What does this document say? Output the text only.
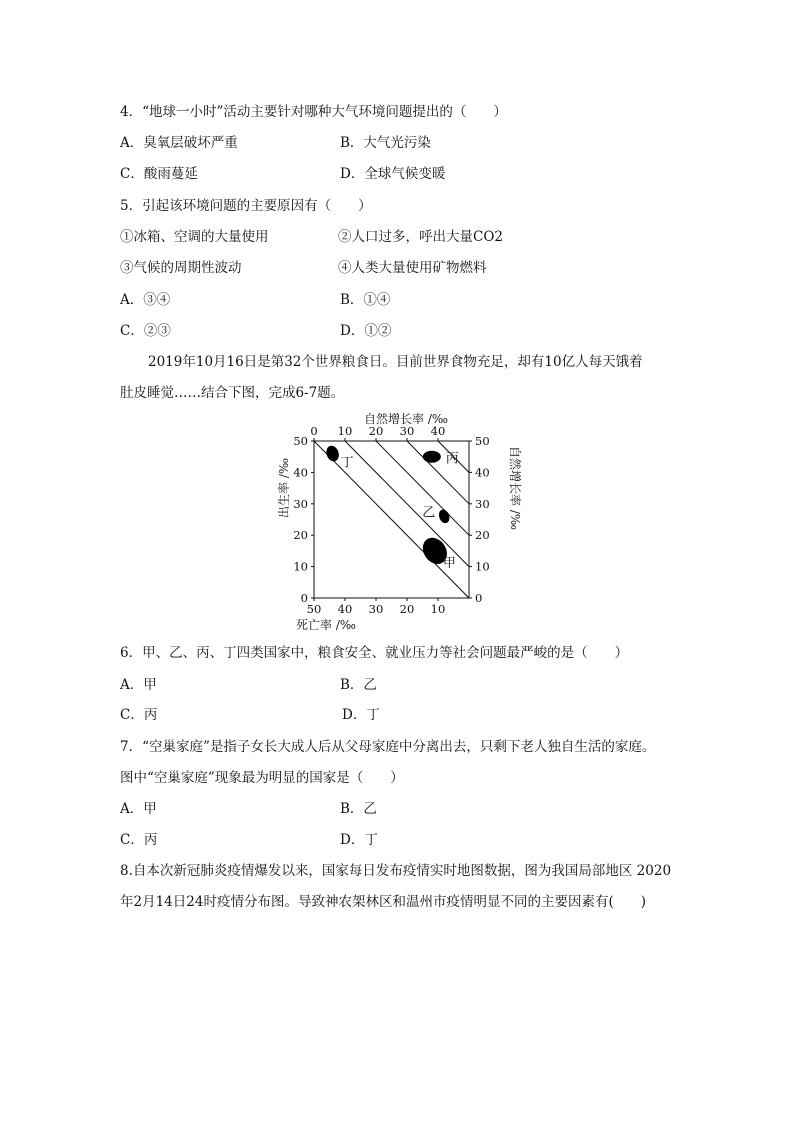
4．“地球一小时”活动主要针对哪种大气环境问题提出的（　　）
A．臭氧层破坏严重	B．大气光污染
C．酸雨蔓延	D．全球气候变暖
5．引起该环境问题的主要原因有（　　）
①冰箱、空调的大量使用	②人口过多，呼出大量CO2
③气候的周期性波动	④人类大量使用矿物燃料
A．③④	B．①④
C．②③	D．①②
2019年10月16日是第32个世界粮食日。目前世界食物充足，却有10亿人每天饿着
肚皮睡觉……结合下图，完成6-7题。
丁	丙
乙
甲
0
10
20
30
40
50
0
10
20
30
40
50
50 40 30 20 10
0 10 20 30 40
自然增长率 /‰
出生率 /‰	自然增长率 /‰
死亡率 /‰
6．甲、乙、丙、丁四类国家中，粮食安全、就业压力等社会问题最严峻的是（　　）
A．甲	B．乙
C．丙	D．丁
7．“空巢家庭”是指子女长大成人后从父母家庭中分离出去，只剩下老人独自生活的家庭。
图中“空巢家庭”现象最为明显的国家是（　　）
A．甲	B．乙
C．丙	D．丁
8.自本次新冠肺炎疫情爆发以来，国家每日发布疫情实时地图数据，图为我国局部地区 2020
年2月14日24时疫情分布图。导致神农架林区和温州市疫情明显不同的主要因素有(　　)
